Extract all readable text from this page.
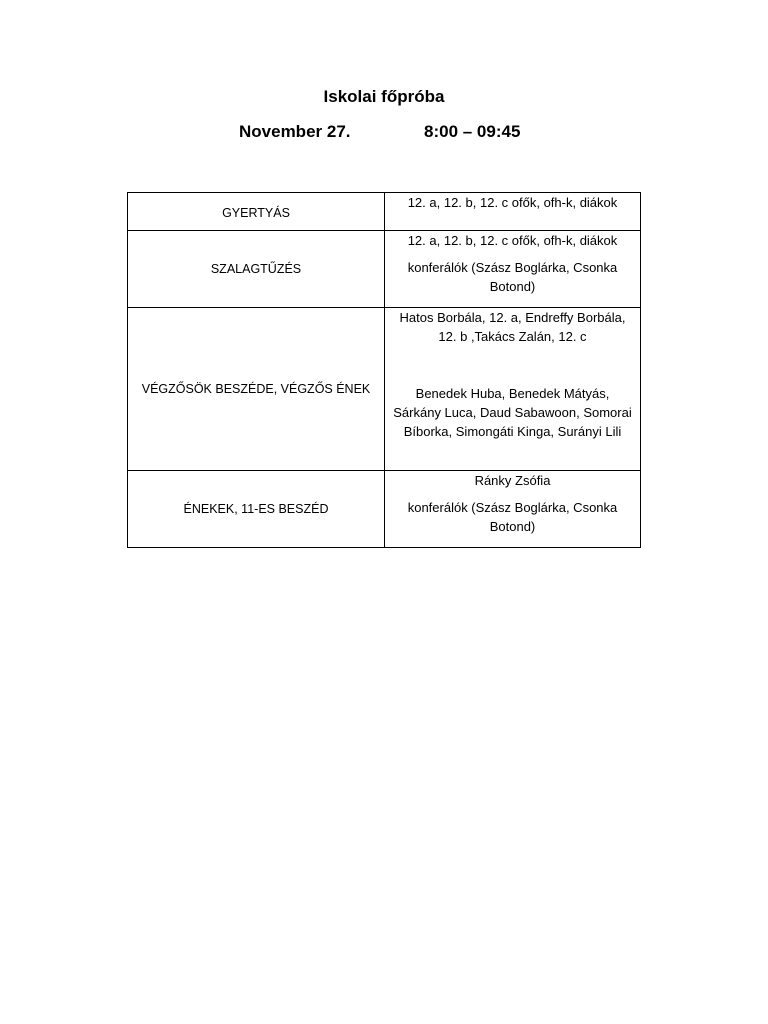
Iskolai főpróba
November 27.	8:00 – 09:45
GYERTYÁS	12. a, 12. b, 12. c ofők, ofh-k, diákok

SZALAGTŰZÉS	12. a, 12. b, 12. c ofők, ofh-k, diákok

konferálók (Szász Boglárka, Csonka Botond)

VÉGZŐSÖK BESZÉDE, VÉGZŐS ÉNEK	Hatos Borbála, 12. a, Endreffy Borbála, 12. b ,Takács Zalán, 12. c

Benedek Huba, Benedek Mátyás, Sárkány Luca, Daud Sabawoon, Somorai Bíborka, Simongáti Kinga, Surányi Lili

ÉNEKEK, 11-ES BESZÉD	Ránky Zsófia

konferálók (Szász Boglárka, Csonka Botond)
